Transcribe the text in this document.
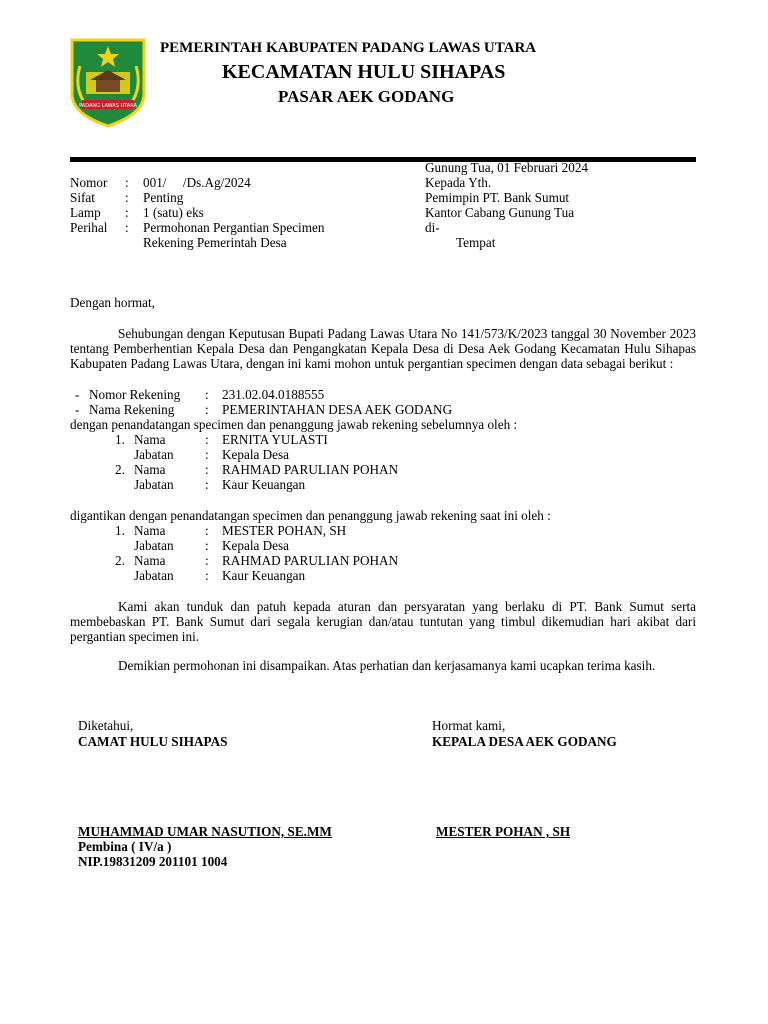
PADANG LAWAS UTARA
PEMERINTAH KABUPATEN PADANG LAWAS UTARA
KECAMATAN HULU SIHAPAS
PASAR AEK GODANG
Nomor : 001/     /Ds.Ag/2024
Sifat : Penting
Lamp : 1 (satu) eks
Perihal : Permohonan Pergantian Specimen
Rekening Pemerintah Desa
Gunung Tua, 01 Februari 2024
Kepada Yth.
Pemimpin PT. Bank Sumut
Kantor Cabang Gunung Tua
di-
Tempat
Dengan hormat,
Sehubungan dengan Keputusan Bupati Padang Lawas Utara No 141/573/K/2023 tanggal 30 November 2023 tentang Pemberhentian Kepala Desa dan Pengangkatan Kepala Desa di Desa Aek Godang Kecamatan Hulu Sihapas Kabupaten Padang Lawas Utara, dengan ini kami mohon untuk pergantian specimen dengan data sebagai berikut :
- Nomor Rekening : 231.02.04.0188555
- Nama Rekening : PEMERINTAHAN DESA AEK GODANG
dengan penandatangan specimen dan penanggung jawab rekening sebelumnya oleh :
1. Nama	: ERNITA YULASTI
Jabatan : Kepala Desa
2. Nama	: RAHMAD PARULIAN POHAN
Jabatan : Kaur Keuangan
digantikan dengan penandatangan specimen dan penanggung jawab rekening saat ini oleh :
1. Nama	: MESTER POHAN, SH
Jabatan : Kepala Desa
2. Nama	: RAHMAD PARULIAN POHAN
Jabatan : Kaur Keuangan
Kami akan tunduk dan patuh kepada aturan dan persyaratan yang berlaku di PT. Bank Sumut serta membebaskan PT. Bank Sumut dari segala kerugian dan/atau tuntutan yang timbul dikemudian hari akibat dari pergantian specimen ini.
Demikian permohonan ini disampaikan. Atas perhatian dan kerjasamanya kami ucapkan terima kasih.
Diketahui,
CAMAT HULU SIHAPAS
MUHAMMAD UMAR NASUTION, SE.MM
Pembina ( IV/a )
NIP.19831209 201101 1004
Hormat kami,
KEPALA DESA AEK GODANG
MESTER POHAN , SH
